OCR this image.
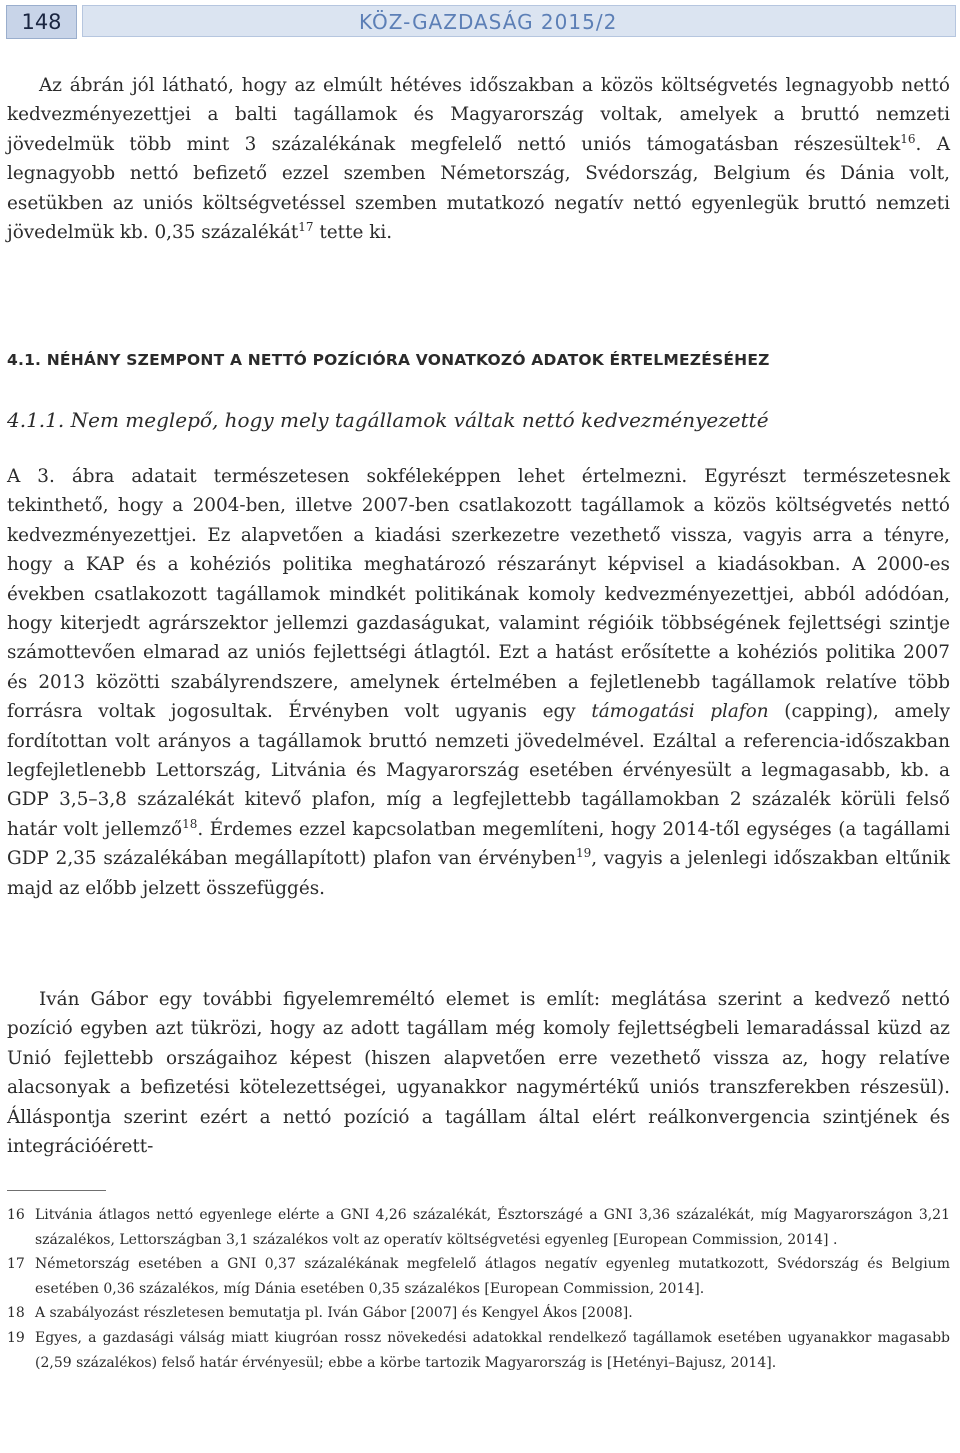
148	KÖZ-GAZDASÁG 2015/2

Az ábrán jól látható, hogy az elmúlt hétéves időszakban a közös költségvetés legnagyobb nettó kedvezményezettjei a balti tagállamok és Magyarország voltak, amelyek a bruttó nemzeti jövedelmük több mint 3 százalékának megfelelő nettó uniós támogatásban részesültek$^{16}$. A legnagyobb nettó befizető ezzel szemben Németország, Svédország, Belgium és Dánia volt, esetükben az uniós költségvetéssel szemben mutatkozó negatív nettó egyenlegük bruttó nemzeti jövedelmük kb. 0,35 százalékát$^{17}$ tette ki.

4.1. NÉHÁNY SZEMPONT A NETTÓ POZÍCIÓRA VONATKOZÓ ADATOK ÉRTELMEZÉSÉHEZ
4.1.1. Nem meglepő, hogy mely tagállamok váltak nettó kedvezményezetté

A 3. ábra adatait természetesen sokféleképpen lehet értelmezni. Egyrészt természetesnek tekinthető, hogy a 2004-ben, illetve 2007-ben csatlakozott tagállamok a közös költségvetés nettó kedvezményezettjei. Ez alapvetően a kiadási szerkezetre vezethető vissza, vagyis arra a tényre, hogy a KAP és a kohéziós politika meghatározó részarányt képvisel a kiadásokban. A 2000-es években csatlakozott tagállamok mindkét politikának komoly kedvezményezettjei, abból adódóan, hogy kiterjedt agrárszektor jellemzi gazdaságukat, valamint régióik többségének fejlettségi szintje számottevően elmarad az uniós fejlettségi átlagtól. Ezt a hatást erősítette a kohéziós politika 2007 és 2013 közötti szabályrendszere, amelynek értelmében a fejletlenebb tagállamok relatíve több forrásra voltak jogosultak. Érvényben volt ugyanis egy támogatási plafon (capping), amely fordítottan volt arányos a tagállamok bruttó nemzeti jövedelmével. Ezáltal a referencia-időszakban legfejletlenebb Lettország, Litvánia és Magyarország esetében érvényesült a legmagasabb, kb. a GDP 3,5–3,8 százalékát kitevő plafon, míg a legfejlettebb tagállamokban 2 százalék körüli felső határ volt jellemző$^{18}$. Érdemes ezzel kapcsolatban megemlíteni, hogy 2014-től egységes (a tagállami GDP 2,35 százalékában megállapított) plafon van érvényben$^{19}$, vagyis a jelenlegi időszakban eltűnik majd az előbb jelzett összefüggés.

Iván Gábor egy további figyelemreméltó elemet is említ: meglátása szerint a kedvező nettó pozíció egyben azt tükrözi, hogy az adott tagállam még komoly fejlettségbeli lemaradással küzd az Unió fejlettebb országaihoz képest (hiszen alapvetően erre vezethető vissza az, hogy relatíve alacsonyak a befizetési kötelezettségei, ugyanakkor nagymértékű uniós transzferekben részesül). Álláspontja szerint ezért a nettó pozíció a tagállam által elért reálkonvergencia szintjének és integrációérett-

16 Litvánia átlagos nettó egyenlege elérte a GNI 4,26 százalékát, Észtországé a GNI 3,36 százalékát, míg Magyarországon 3,21 százalékos, Lettországban 3,1 százalékos volt az operatív költségvetési egyenleg [European Commission, 2014] .
17 Németország esetében a GNI 0,37 százalékának megfelelő átlagos negatív egyenleg mutatkozott, Svédország és Belgium esetében 0,36 százalékos, míg Dánia esetében 0,35 százalékos [European Commission, 2014].
18 A szabályozást részletesen bemutatja pl. Iván Gábor [2007] és Kengyel Ákos [2008].
19 Egyes, a gazdasági válság miatt kiugróan rossz növekedési adatokkal rendelkező tagállamok esetében ugyanakkor magasabb (2,59 százalékos) felső határ érvényesül; ebbe a körbe tartozik Magyarország is [Hetényi–Bajusz, 2014].
